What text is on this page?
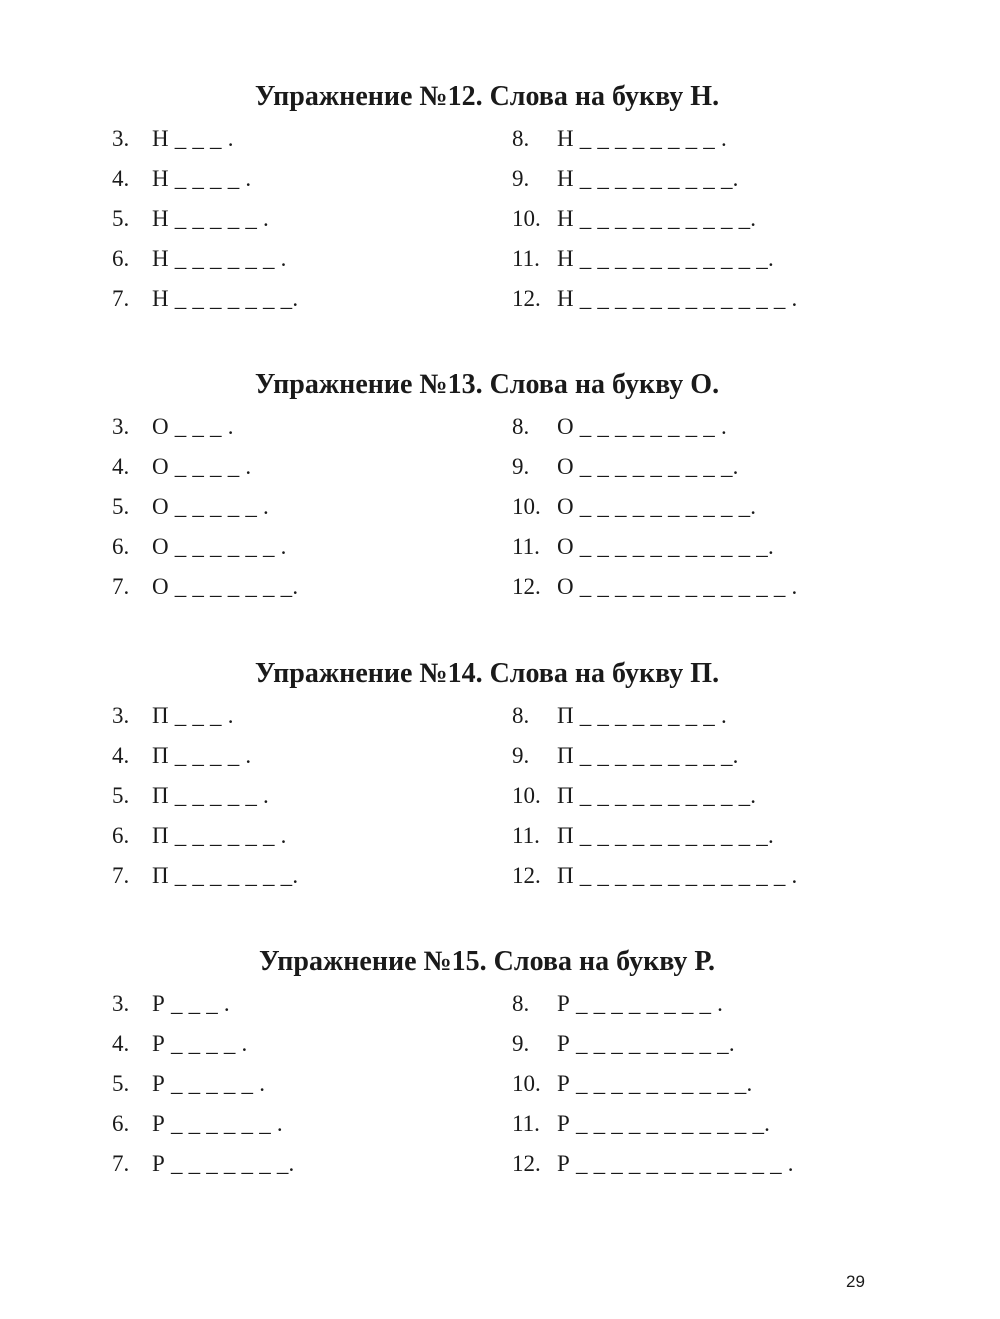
Упражнение №12. Слова на букву Н.
3. Н _ _ _ .
4. Н _ _ _ _ .
5. Н _ _ _ _ _ .
6. Н _ _ _ _ _ _ .
7. Н _ _ _ _ _ _ _.
8. Н _ _ _ _ _ _ _ _ .
9. Н _ _ _ _ _ _ _ _ _.
10. Н _ _ _ _ _ _ _ _ _ _.
11. Н _ _ _ _ _ _ _ _ _ _ _.
12. Н _ _ _ _ _ _ _ _ _ _ _ _ .
Упражнение №13. Слова на букву О.
3. О _ _ _ .
4. О _ _ _ _ .
5. О _ _ _ _ _ .
6. О _ _ _ _ _ _ .
7. О _ _ _ _ _ _ _.
8. О _ _ _ _ _ _ _ _ .
9. О _ _ _ _ _ _ _ _ _.
10. О _ _ _ _ _ _ _ _ _ _.
11. О _ _ _ _ _ _ _ _ _ _ _.
12. О _ _ _ _ _ _ _ _ _ _ _ _ .
Упражнение №14. Слова на букву П.
3. П _ _ _ .
4. П _ _ _ _ .
5. П _ _ _ _ _ .
6. П _ _ _ _ _ _ .
7. П _ _ _ _ _ _ _.
8. П _ _ _ _ _ _ _ _ .
9. П _ _ _ _ _ _ _ _ _.
10. П _ _ _ _ _ _ _ _ _ _.
11. П _ _ _ _ _ _ _ _ _ _ _.
12. П _ _ _ _ _ _ _ _ _ _ _ _ .
Упражнение №15. Слова на букву Р.
3. Р _ _ _ .
4. Р _ _ _ _ .
5. Р _ _ _ _ _ .
6. Р _ _ _ _ _ _ .
7. Р _ _ _ _ _ _ _.
8. Р _ _ _ _ _ _ _ _ .
9. Р _ _ _ _ _ _ _ _ _.
10. Р _ _ _ _ _ _ _ _ _ _.
11. Р _ _ _ _ _ _ _ _ _ _ _.
12. Р _ _ _ _ _ _ _ _ _ _ _ _ .
29
